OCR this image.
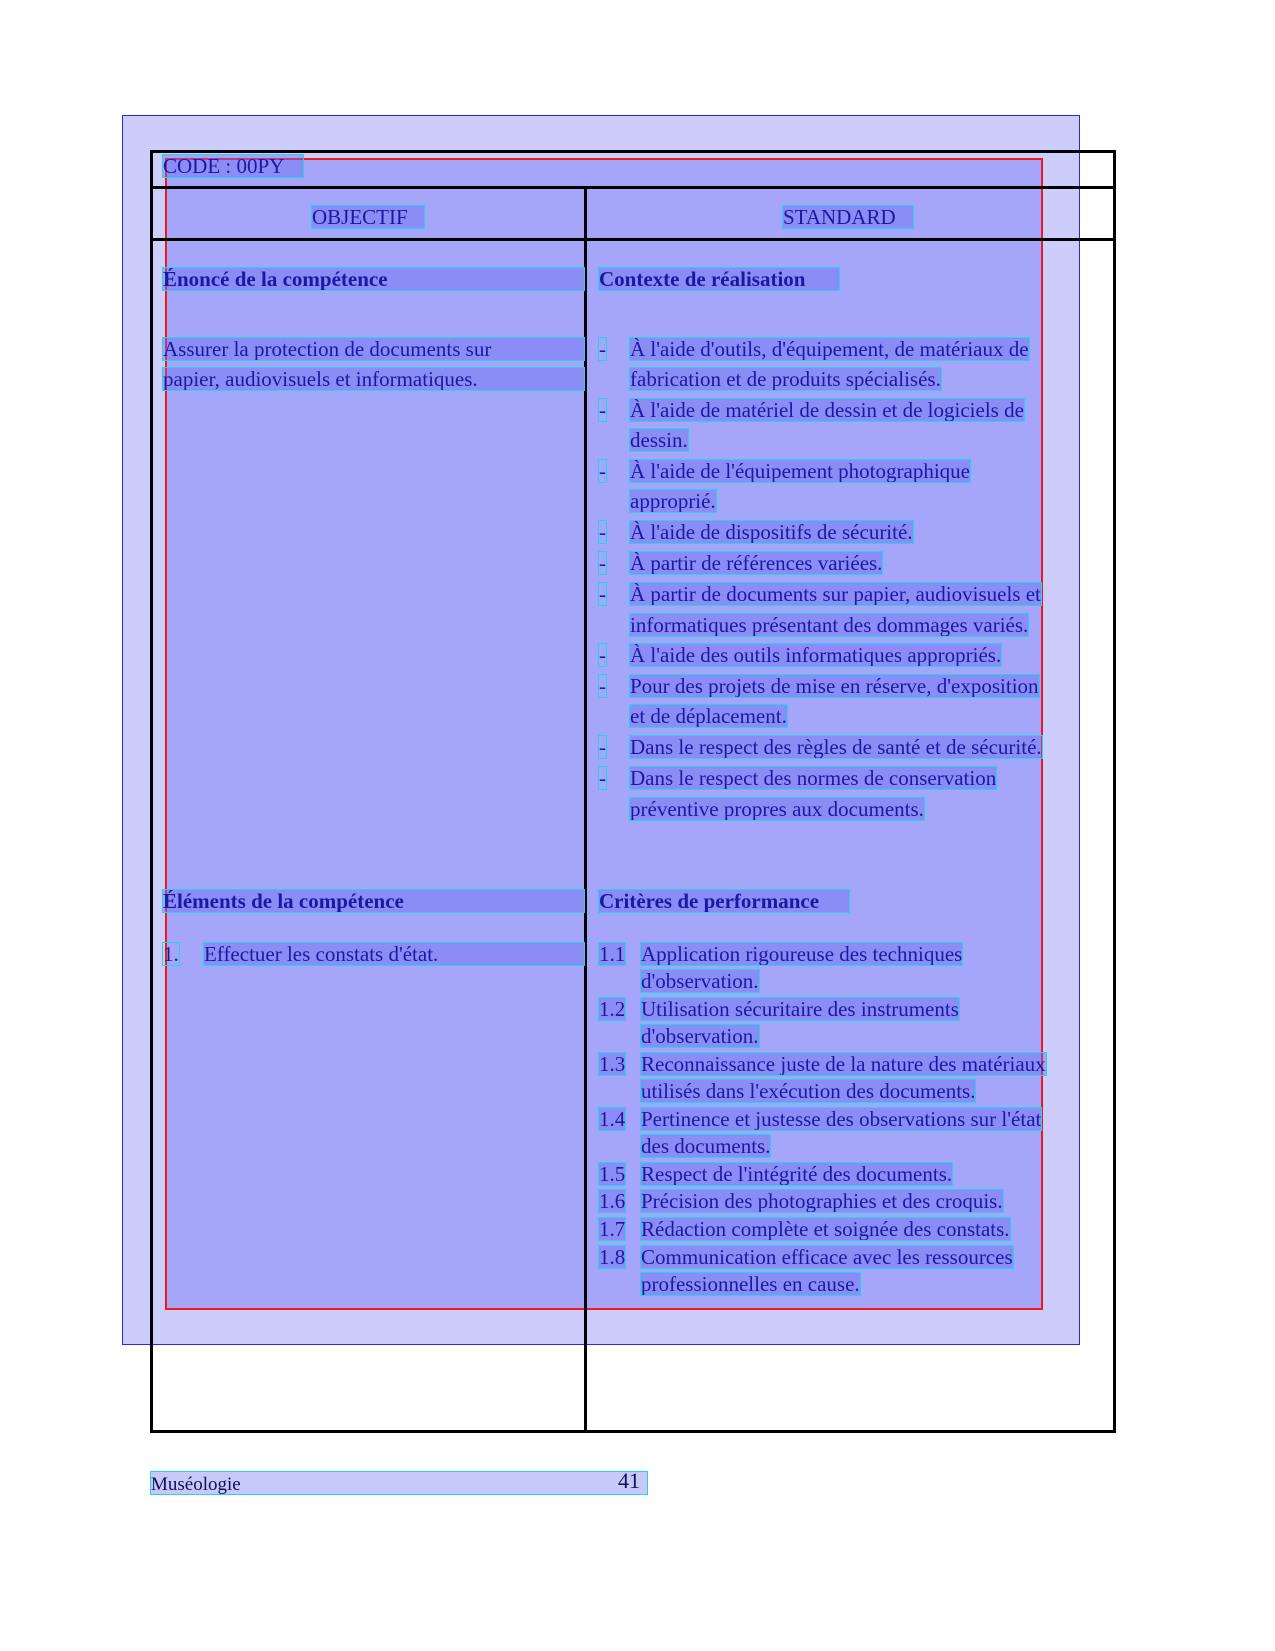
CODE : 00PY
OBJECTIF	STANDARD
Énoncé de la compétence
Assurer la protection de documents sur
papier, audiovisuels et informatiques.
Éléments de la compétence
1. Effectuer les constats d'état.
Contexte de réalisation
- À l'aide d'outils, d'équipement, de matériaux de
fabrication et de produits spécialisés.
- À l'aide de matériel de dessin et de logiciels de
dessin.
- À l'aide de l'équipement photographique
approprié.
- À l'aide de dispositifs de sécurité.
- À partir de références variées.
- À partir de documents sur papier, audiovisuels et
informatiques présentant des dommages variés.
- À l'aide des outils informatiques appropriés.
- Pour des projets de mise en réserve, d'exposition
et de déplacement.
- Dans le respect des règles de santé et de sécurité.
- Dans le respect des normes de conservation
préventive propres aux documents.
Critères de performance
1.1 Application rigoureuse des techniques
d'observation.
1.2 Utilisation sécuritaire des instruments
d'observation.
1.3 Reconnaissance juste de la nature des matériaux
utilisés dans l'exécution des documents.
1.4 Pertinence et justesse des observations sur l'état
des documents.
1.5 Respect de l'intégrité des documents.
1.6 Précision des photographies et des croquis.
1.7 Rédaction complète et soignée des constats.
1.8 Communication efficace avec les ressources
professionnelles en cause.
Muséologie	41
